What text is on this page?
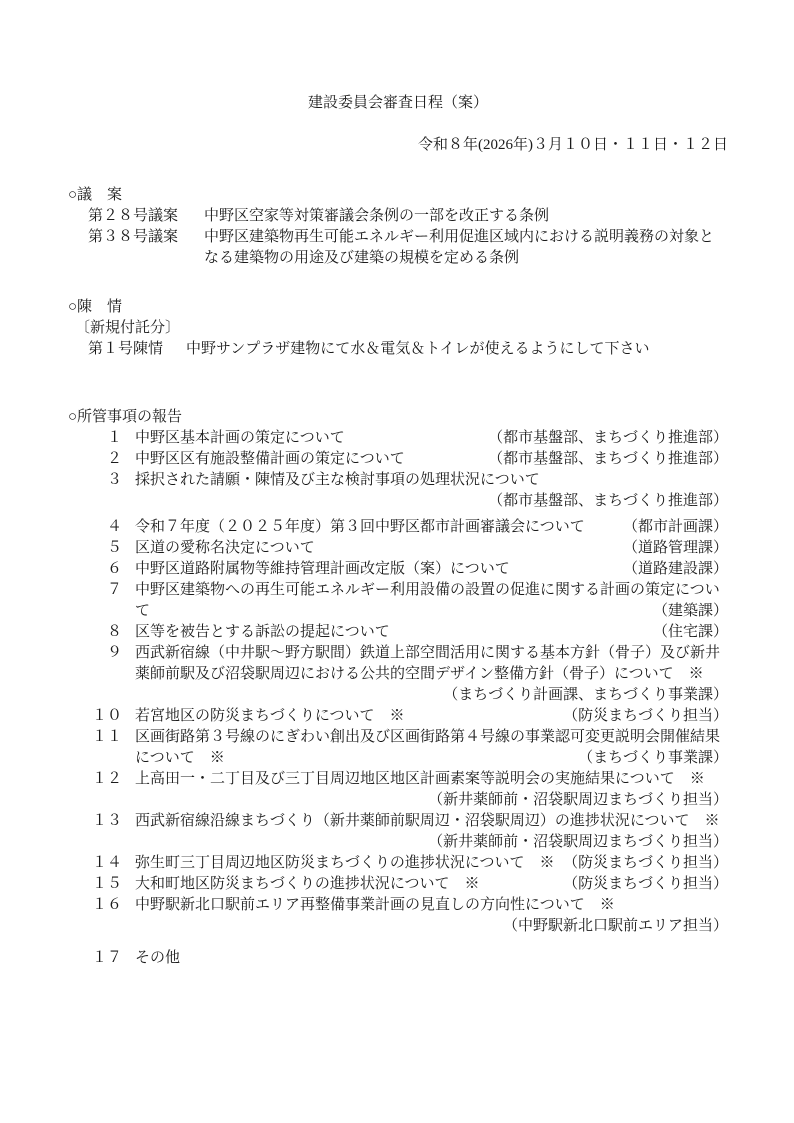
建設委員会審査日程（案）
令和８年(2026年)３月１０日・１１日・１２日
○議　案
第２８号議案	中野区空家等対策審議会条例の一部を改正する条例
第３８号議案	中野区建築物再生可能エネルギー利用促進区域内における説明義務の対象となる建築物の用途及び建築の規模を定める条例
○陳　情
〔新規付託分〕
第１号陳情	中野サンプラザ建物にて水＆電気＆トイレが使えるようにして下さい
○所管事項の報告
１ 中野区基本計画の策定について	（都市基盤部、まちづくり推進部）
２ 中野区区有施設整備計画の策定について	（都市基盤部、まちづくり推進部）
３ 採択された請願・陳情及び主な検討事項の処理状況について
（都市基盤部、まちづくり推進部）
４ 令和７年度（２０２５年度）第３回中野区都市計画審議会について	（都市計画課）
５ 区道の愛称名決定について	（道路管理課）
６ 中野区道路附属物等維持管理計画改定版（案）について	（道路建設課）
７ 中野区建築物への再生可能エネルギー利用設備の設置の促進に関する計画の策定について	（建築課）
８ 区等を被告とする訴訟の提起について	（住宅課）
９ 西武新宿線（中井駅～野方駅間）鉄道上部空間活用に関する基本方針（骨子）及び新井薬師前駅及び沼袋駅周辺における公共的空間デザイン整備方針（骨子）について　※
（まちづくり計画課、まちづくり事業課）
１０ 若宮地区の防災まちづくりについて　※	（防災まちづくり担当）
１１ 区画街路第３号線のにぎわい創出及び区画街路第４号線の事業認可変更説明会開催結果について　※	（まちづくり事業課）
１２ 上高田一・二丁目及び三丁目周辺地区地区計画素案等説明会の実施結果について　※
（新井薬師前・沼袋駅周辺まちづくり担当）
１３ 西武新宿線沿線まちづくり（新井薬師前駅周辺・沼袋駅周辺）の進捗状況について　※
（新井薬師前・沼袋駅周辺まちづくり担当）
１４ 弥生町三丁目周辺地区防災まちづくりの進捗状況について　※ （防災まちづくり担当）
１５ 大和町地区防災まちづくりの進捗状況について　※	（防災まちづくり担当）
１６ 中野駅新北口駅前エリア再整備事業計画の見直しの方向性について　※
（中野駅新北口駅前エリア担当）
１７ その他
